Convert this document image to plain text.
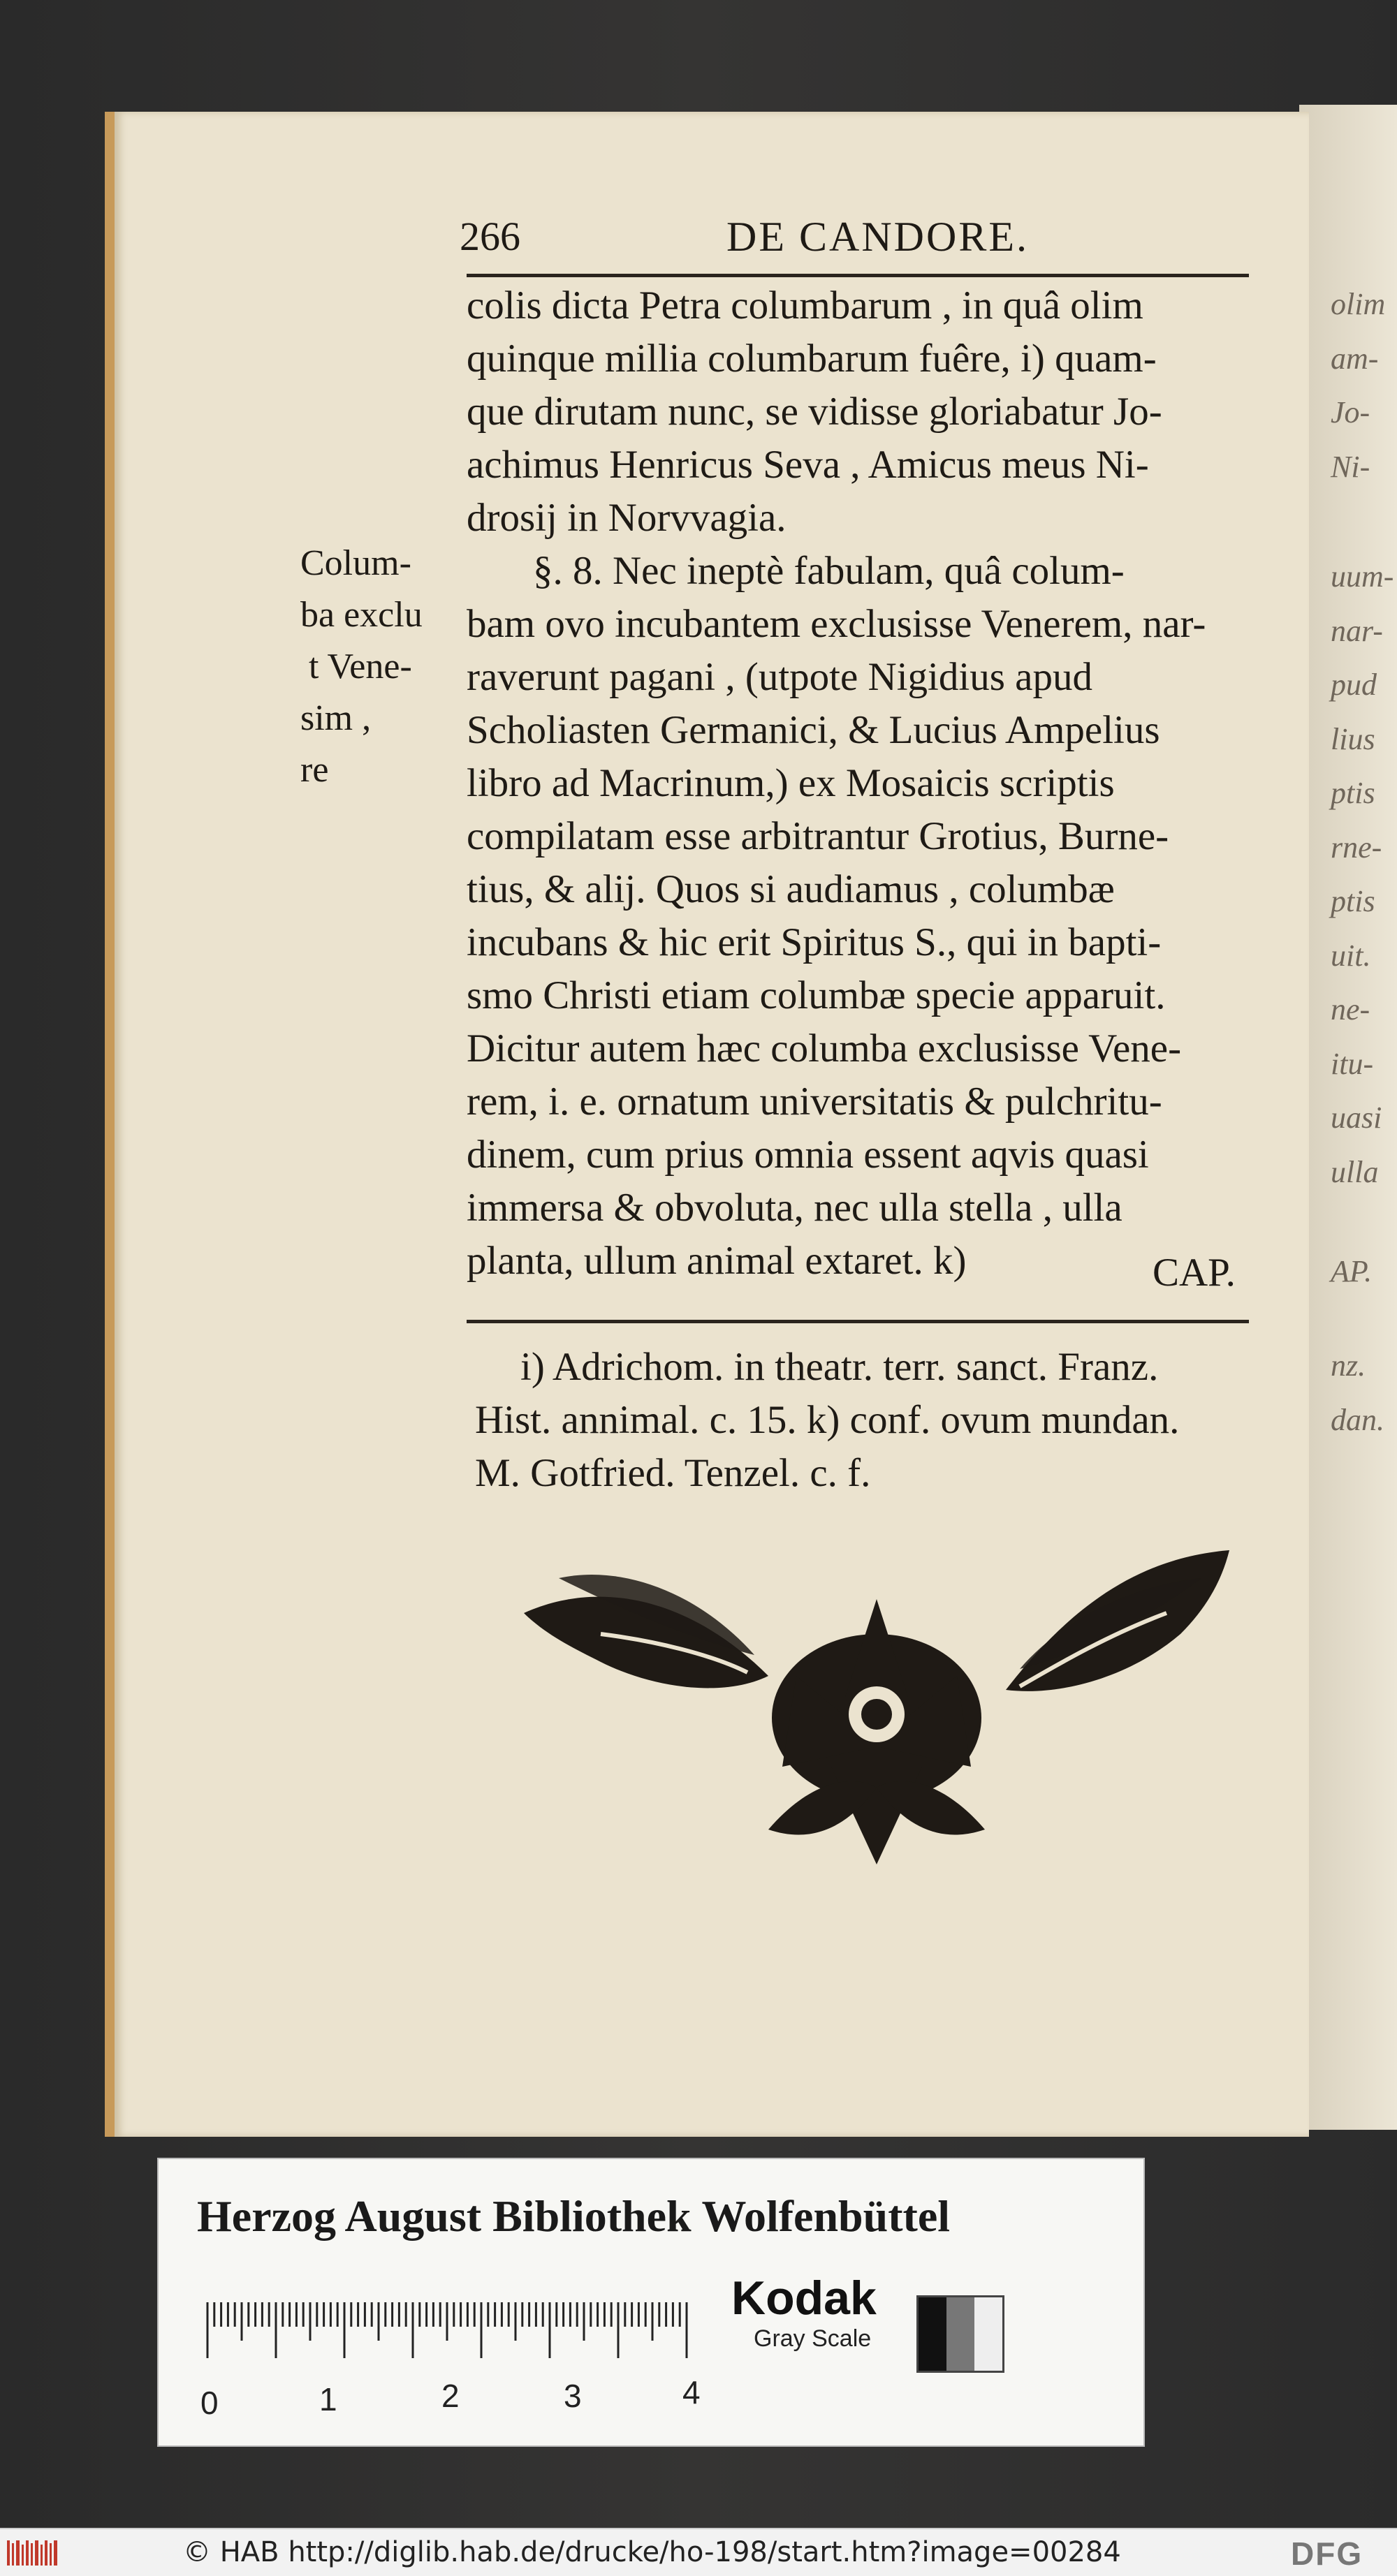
olim
am-
Jo-
Ni-
uum-
nar-
pud
lius
ptis
rne-
ptis
uit.
ne-
itu-
uasi
ulla
AP.
nz.
dan.
266	DE CANDORE.
colis dicta Petra columbarum , in quâ olim
quinque millia columbarum fuêre, i) quam-
que dirutam nunc, se vidisse gloriabatur Jo-
achimus Henricus Seva , Amicus meus Ni-
drosij in Norvvagia.
§. 8. Nec ineptè fabulam, quâ colum-
bam ovo incubantem exclusisse Venerem, nar-
raverunt pagani , (utpote Nigidius apud
Scholiasten Germanici, & Lucius Ampelius
libro ad Macrinum,) ex Mosaicis scriptis
compilatam esse arbitrantur Grotius, Burne-
tius, & alij. Quos si audiamus , columbæ
incubans & hic erit Spiritus S., qui in bapti-
smo Christi etiam columbæ specie apparuit.
Dicitur autem hæc columba exclusisse Vene-
rem, i. e. ornatum universitatis & pulchritu-
dinem, cum prius omnia essent aqvis quasi
immersa & obvoluta, nec ulla stella , ulla
planta, ullum animal extaret. k)	CAP.
i) Adrichom. in theatr. terr. sanct. Franz.
Hist. annimal. c. 15. k) conf. ovum mundan.
M. Gotfried. Tenzel. c. f.
Colum-
ba exclu
t Vene-
sim ,
re
Herzog August Bibliothek Wolfenbüttel
0	1	2	3	4
Kodak
Gray Scale
© HAB http://diglib.hab.de/drucke/ho-198/start.htm?image=00284	DFG
